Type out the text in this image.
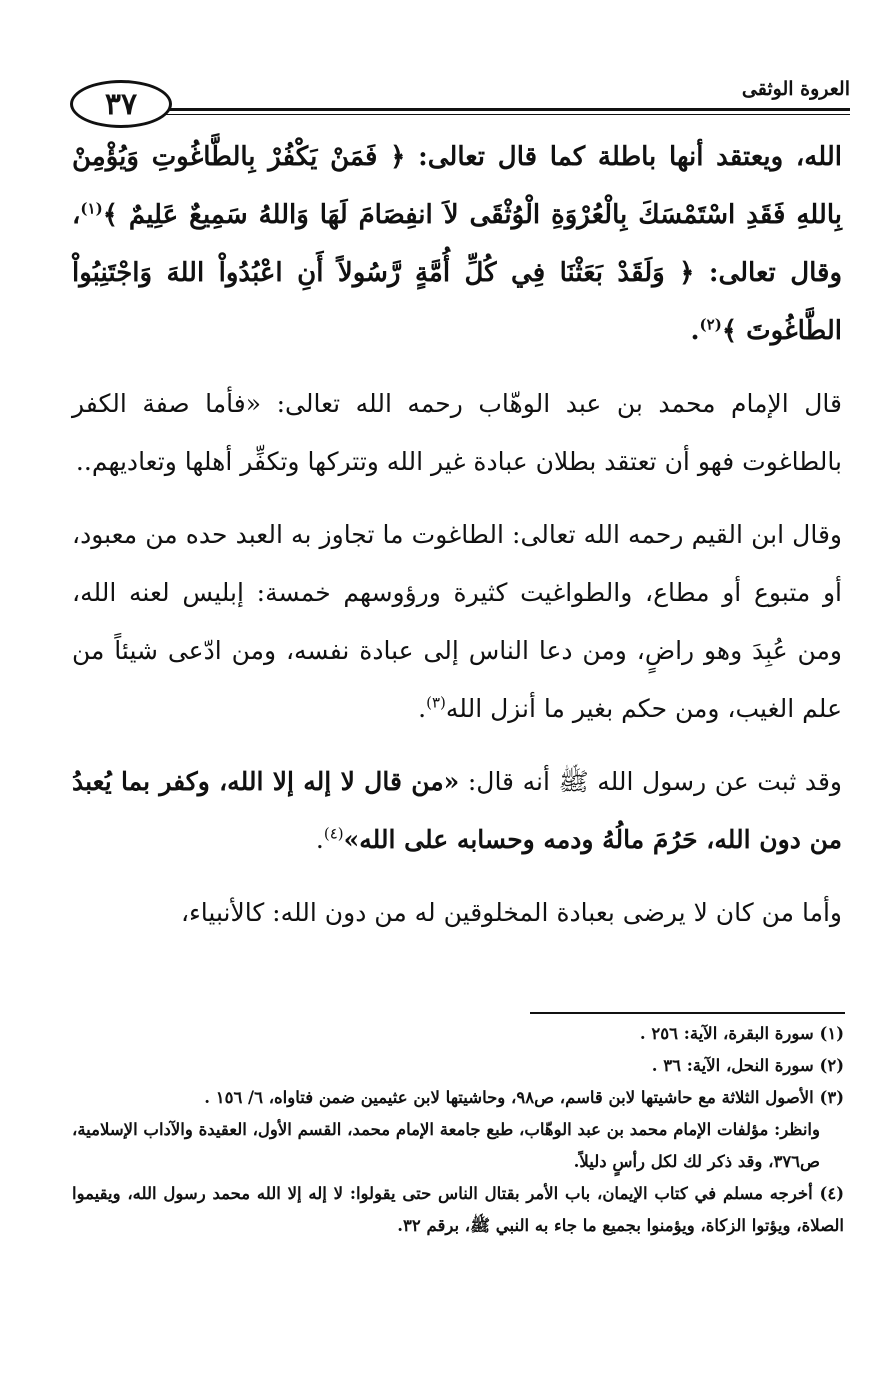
٣٧	العروة الوثقى

الله، ويعتقد أنها باطلة كما قال تعالى: ﴿ فَمَنْ يَكْفُرْ بِالطَّاغُوتِ وَيُؤْمِنْ بِاللهِ فَقَدِ اسْتَمْسَكَ بِالْعُرْوَةِ الْوُثْقَى لاَ انفِصَامَ لَهَا وَاللهُ سَمِيعٌ عَلِيمٌ ﴾$^{(١)}$، وقال تعالى: ﴿ وَلَقَدْ بَعَثْنَا فِي كُلِّ أُمَّةٍ رَّسُولاً أَنِ اعْبُدُواْ اللهَ وَاجْتَنِبُواْ الطَّاغُوتَ ﴾$^{(٢)}$.

قال الإمام محمد بن عبد الوهّاب رحمه الله تعالى: «فأما صفة الكفر بالطاغوت فهو أن تعتقد بطلان عبادة غير الله وتتركها وتكفِّر أهلها وتعاديهم..

وقال ابن القيم رحمه الله تعالى: الطاغوت ما تجاوز به العبد حده من معبود، أو متبوع أو مطاع، والطواغيت كثيرة ورؤوسهم خمسة: إبليس لعنه الله، ومن عُبِدَ وهو راضٍ، ومن دعا الناس إلى عبادة نفسه، ومن ادّعى شيئاً من علم الغيب، ومن حكم بغير ما أنزل الله$^{(٣)}$.

وقد ثبت عن رسول الله ﷺ أنه قال: «من قال لا إله إلا الله، وكفر بما يُعبدُ من دون الله، حَرُمَ مالُهُ ودمه وحسابه على الله»$^{(٤)}$.

وأما من كان لا يرضى بعبادة المخلوقين له من دون الله: كالأنبياء،

(١) سورة البقرة، الآية: ٢٥٦ .

(٢) سورة النحل، الآية: ٣٦ .

(٣) الأصول الثلاثة مع حاشيتها لابن قاسم، ص٩٨، وحاشيتها لابن عثيمين ضمن فتاواه، ٦/ ١٥٦ .

وانظر: مؤلفات الإمام محمد بن عبد الوهّاب، طبع جامعة الإمام محمد، القسم الأول، العقيدة والآداب الإسلامية، ص٣٧٦، وقد ذكر لك لكل رأسٍ دليلاً.

(٤) أخرجه مسلم في كتاب الإيمان، باب الأمر بقتال الناس حتى يقولوا: لا إله إلا الله محمد رسول الله، ويقيموا الصلاة، ويؤتوا الزكاة، ويؤمنوا بجميع ما جاء به النبي ﷺ، برقم ٣٢.
